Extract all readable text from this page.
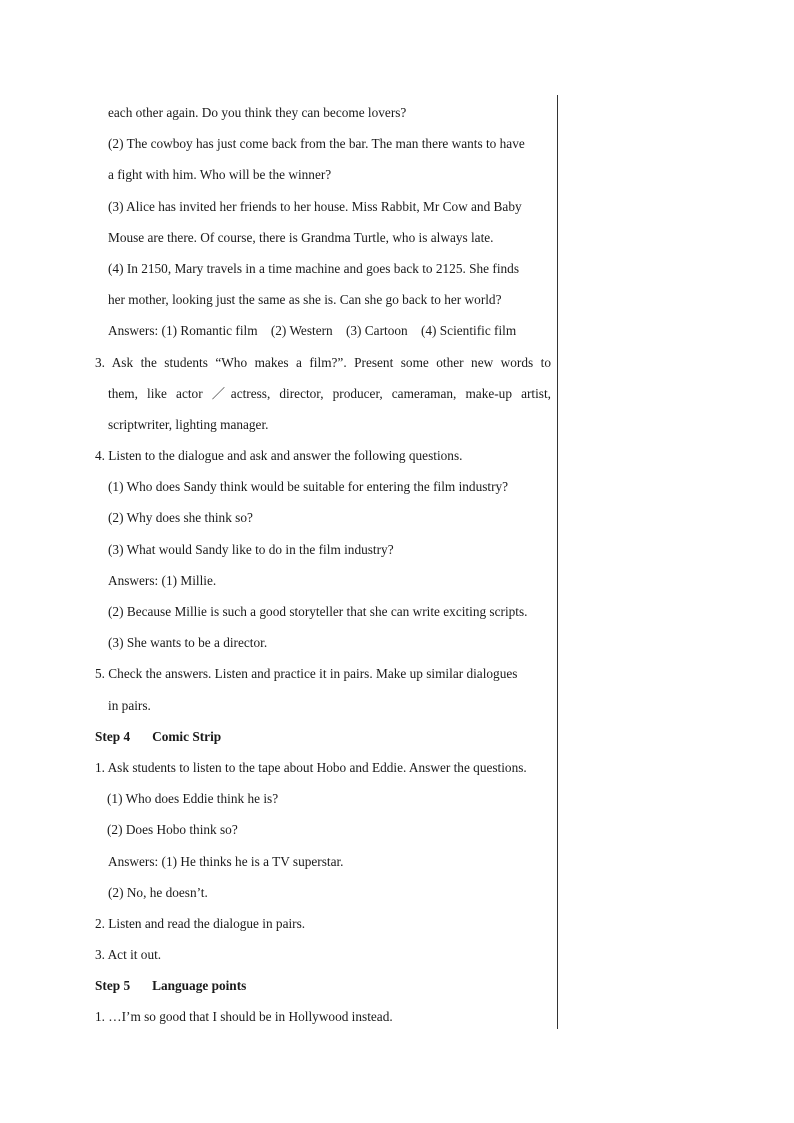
each other again. Do you think they can become lovers?
(2) The cowboy has just come back from the bar. The man there wants to have
a fight with him. Who will be the winner?
(3) Alice has invited her friends to her house. Miss Rabbit, Mr Cow and Baby
Mouse are there. Of course, there is Grandma Turtle, who is always late.
(4) In 2150, Mary travels in a time machine and goes back to 2125. She finds
her mother, looking just the same as she is. Can she go back to her world?
Answers: (1) Romantic film    (2) Western    (3) Cartoon    (4) Scientific film
3. Ask the students “Who makes a film?”. Present some other new words to
them, like actor ／actress, director, producer, cameraman, make-up artist,
scriptwriter, lighting manager.
4. Listen to the dialogue and ask and answer the following questions.
(1) Who does Sandy think would be suitable for entering the film industry?
(2) Why does she think so?
(3) What would Sandy like to do in the film industry?
Answers: (1) Millie.
(2) Because Millie is such a good storyteller that she can write exciting scripts.
(3) She wants to be a director.
5. Check the answers. Listen and practice it in pairs. Make up similar dialogues
in pairs.
Step 4 Comic Strip
1. Ask students to listen to the tape about Hobo and Eddie. Answer the questions.
(1) Who does Eddie think he is?
(2) Does Hobo think so?
Answers: (1) He thinks he is a TV superstar.
(2) No, he doesn’t.
2. Listen and read the dialogue in pairs.
3. Act it out.
Step 5 Language points
1. …I’m so good that I should be in Hollywood instead.
